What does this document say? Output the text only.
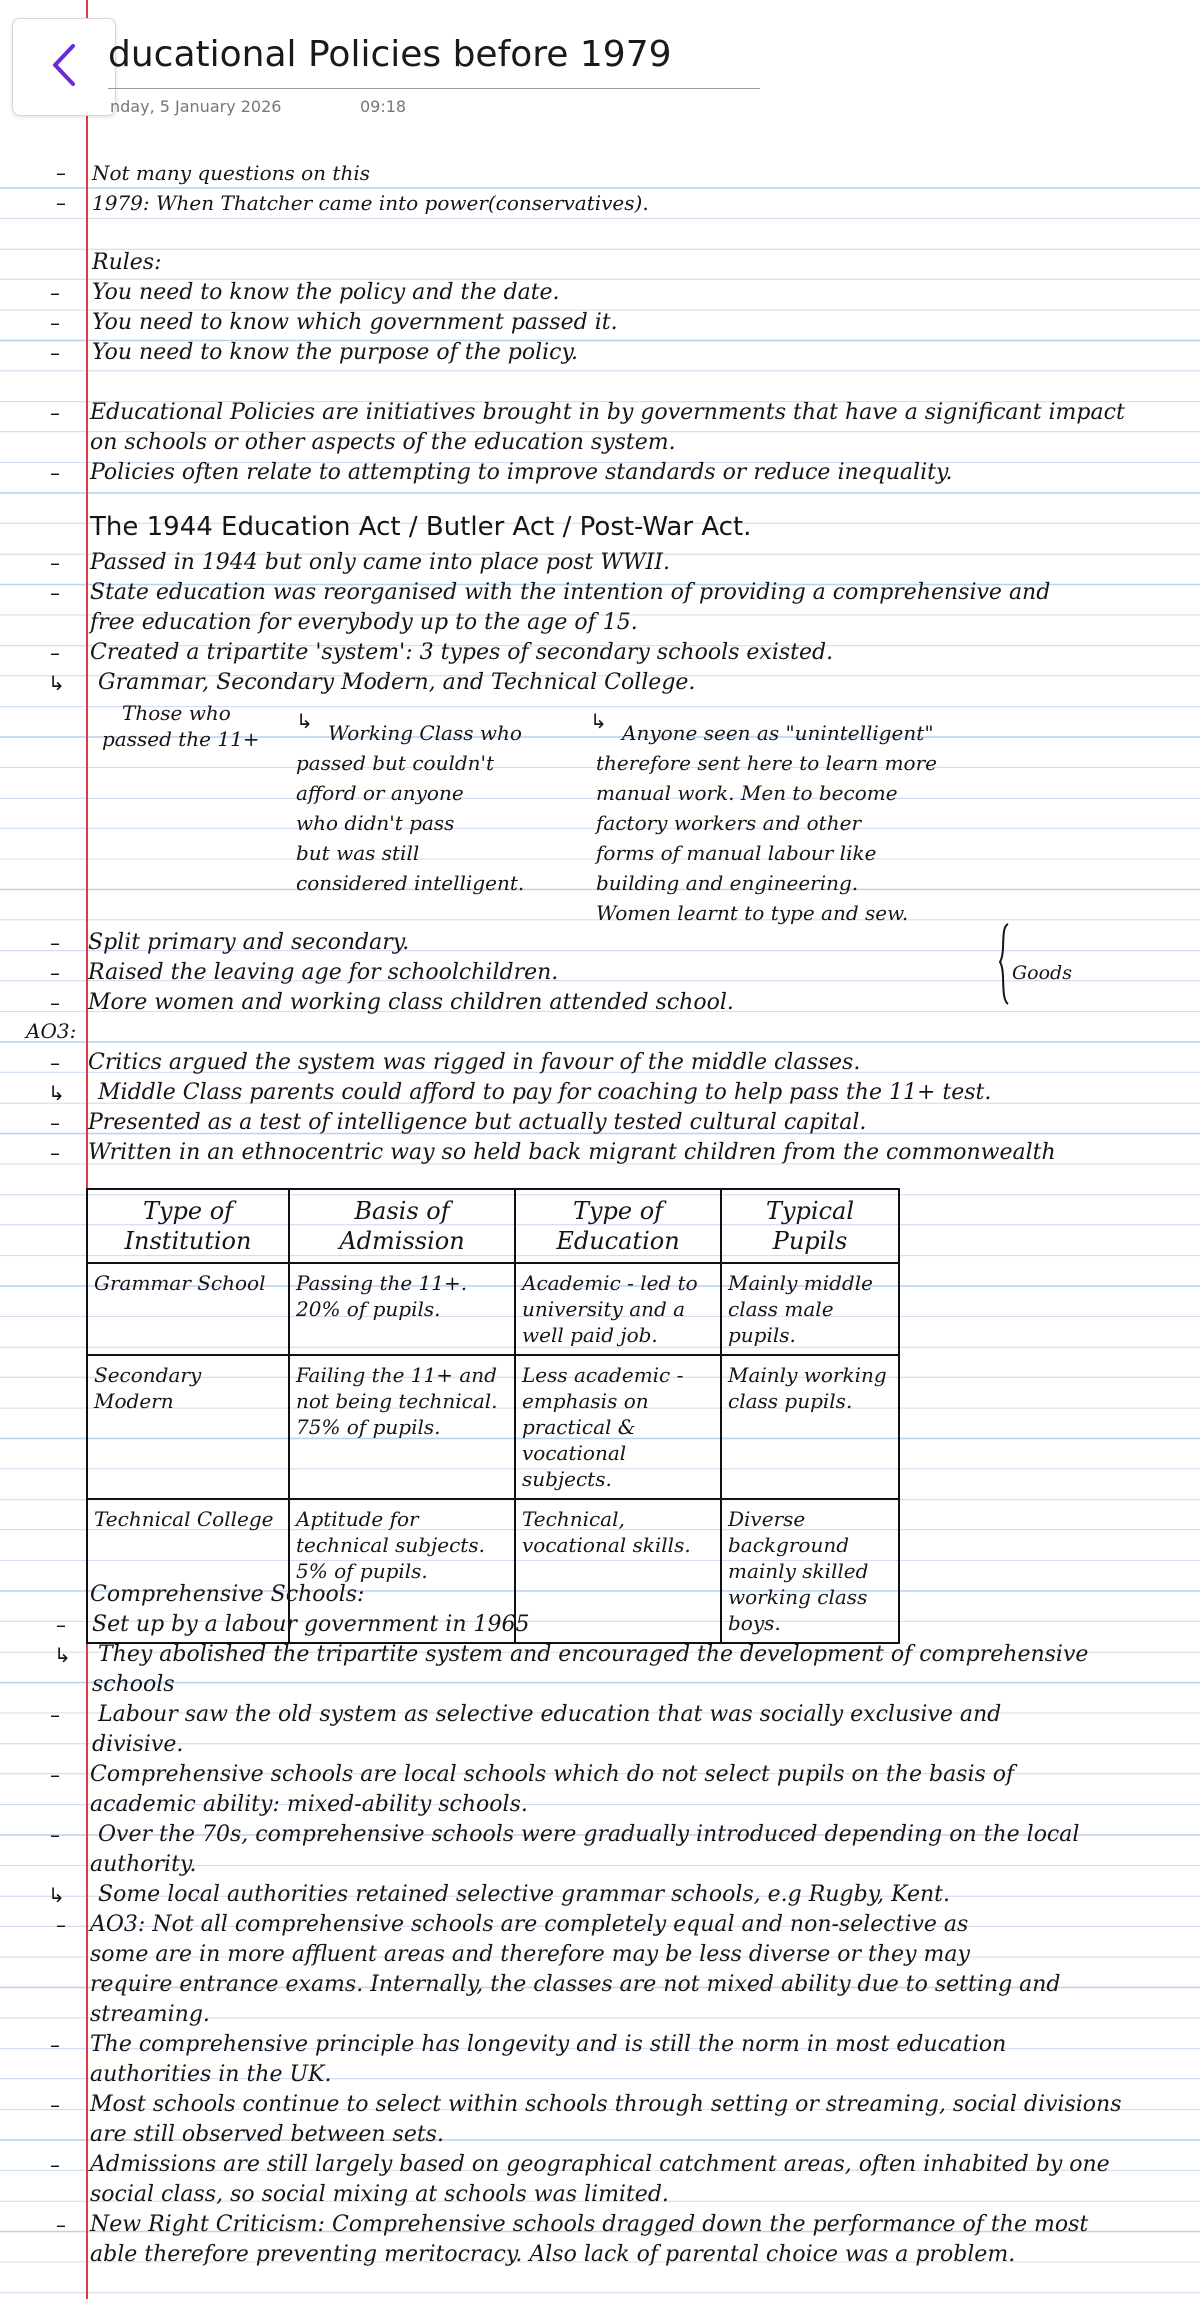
ducational Policies before 1979
nday, 5 January 2026	09:18
– Not many questions on this
– 1979: When Thatcher came into power(conservatives).
Rules:
– You need to know the policy and the date.
– You need to know which government passed it.
– You need to know the purpose of the policy.
– Educational Policies are initiatives brought in by governments that have a significant impact
on schools or other aspects of the education system.
– Policies often relate to attempting to improve standards or reduce inequality.
The 1944 Education Act / Butler Act / Post-War Act.
– Passed in 1944 but only came into place post WWII.
– State education was reorganised with the intention of providing a comprehensive and
free education for everybody up to the age of 15.
– Created a tripartite 'system': 3 types of secondary schools existed.
↳ Grammar, Secondary Modern, and Technical College.
Those who
passed the 11+
↳ Working Class who
passed but couldn't
afford or anyone
who didn't pass
but was still
considered intelligent.
↳ Anyone seen as "unintelligent"
therefore sent here to learn more
manual work. Men to become
factory workers and other
forms of manual labour like
building and engineering.
Women learnt to type and sew.
– Split primary and secondary.
– Raised the leaving age for schoolchildren.
– More women and working class children attended school.
Goods
AO3:
– Critics argued the system was rigged in favour of the middle classes.
↳ Middle Class parents could afford to pay for coaching to help pass the 11+ test.
– Presented as a test of intelligence but actually tested cultural capital.
– Written in an ethnocentric way so held back migrant children from the commonwealth
Type of Institution	Basis of Admission	Type of Education	Typical Pupils
Grammar School	Passing the 11+. 20% of pupils.	Academic - led to university and a well paid job.	Mainly middle class male pupils.
Secondary Modern	Failing the 11+ and not being technical. 75% of pupils.	Less academic - emphasis on practical & vocational subjects.	Mainly working class pupils.
Technical College	Aptitude for technical subjects. 5% of pupils.	Technical, vocational skills.	Diverse background mainly skilled working class boys.
Comprehensive Schools:
– Set up by a labour government in 1965
↳ They abolished the tripartite system and encouraged the development of comprehensive
schools
– Labour saw the old system as selective education that was socially exclusive and
divisive.
– Comprehensive schools are local schools which do not select pupils on the basis of
academic ability: mixed-ability schools.
– Over the 70s, comprehensive schools were gradually introduced depending on the local
authority.
↳ Some local authorities retained selective grammar schools, e.g Rugby, Kent.
– AO3: Not all comprehensive schools are completely equal and non-selective as
some are in more affluent areas and therefore may be less diverse or they may
require entrance exams. Internally, the classes are not mixed ability due to setting and
streaming.
– The comprehensive principle has longevity and is still the norm in most education
authorities in the UK.
– Most schools continue to select within schools through setting or streaming, social divisions
are still observed between sets.
– Admissions are still largely based on geographical catchment areas, often inhabited by one
social class, so social mixing at schools was limited.
– New Right Criticism: Comprehensive schools dragged down the performance of the most
able therefore preventing meritocracy. Also lack of parental choice was a problem.
